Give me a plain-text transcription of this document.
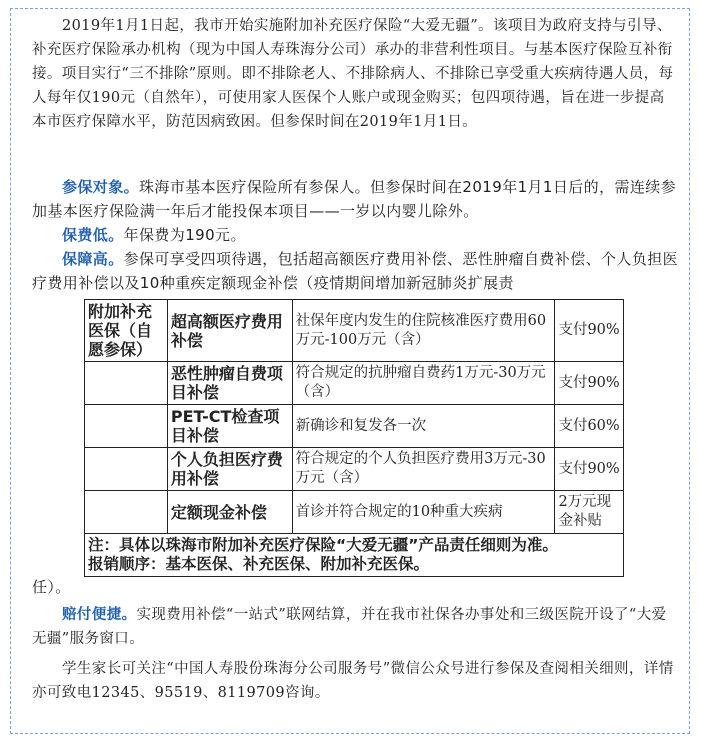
2019年1月1日起，我市开始实施附加补充医疗保险“大爱无疆”。该项目为政府支持与引导、补充医疗保险承办机构（现为中国人寿珠海分公司）承办的非营利性项目。与基本医疗保险互补衔接。项目实行“三不排除”原则。即不排除老人、不排除病人、不排除已享受重大疾病待遇人员，每人每年仅190元（自然年），可使用家人医保个人账户或现金购买；包四项待遇，旨在进一步提高本市医疗保障水平，防范因病致困。但参保时间在2019年1月1日。
参保对象。珠海市基本医疗保险所有参保人。但参保时间在2019年1月1日后的，需连续参加基本医疗保险满一年后才能投保本项目——一岁以内婴儿除外。
保费低。年保费为190元。
保障高。参保可享受四项待遇，包括超高额医疗费用补偿、恶性肿瘤自费补偿、个人负担医疗费用补偿以及10种重疾定额现金补偿（疫情期间增加新冠肺炎扩展责
附加补充医保（自愿参保）	超高额医疗费用补偿	社保年度内发生的住院核准医疗费用60万元-100万元（含）	支付90%
	恶性肿瘤自费项目补偿	符合规定的抗肿瘤自费药1万元-30万元（含）	支付90%
	PET-CT检查项目补偿	新确诊和复发各一次	支付60%
	个人负担医疗费用补偿	符合规定的个人负担医疗费用3万元-30万元（含）	支付90%
	定额现金补偿	首诊并符合规定的10种重大疾病	2万元现金补贴

注：具体以珠海市附加补充医疗保险“大爱无疆”产品责任细则为准。
报销顺序：基本医保、补充医保、附加补充医保。			
任）。
赔付便捷。实现费用补偿“一站式”联网结算，并在我市社保各办事处和三级医院开设了“大爱无疆”服务窗口。
学生家长可关注“中国人寿股份珠海分公司服务号”微信公众号进行参保及查阅相关细则，详情亦可致电12345、95519、8119709咨询。
